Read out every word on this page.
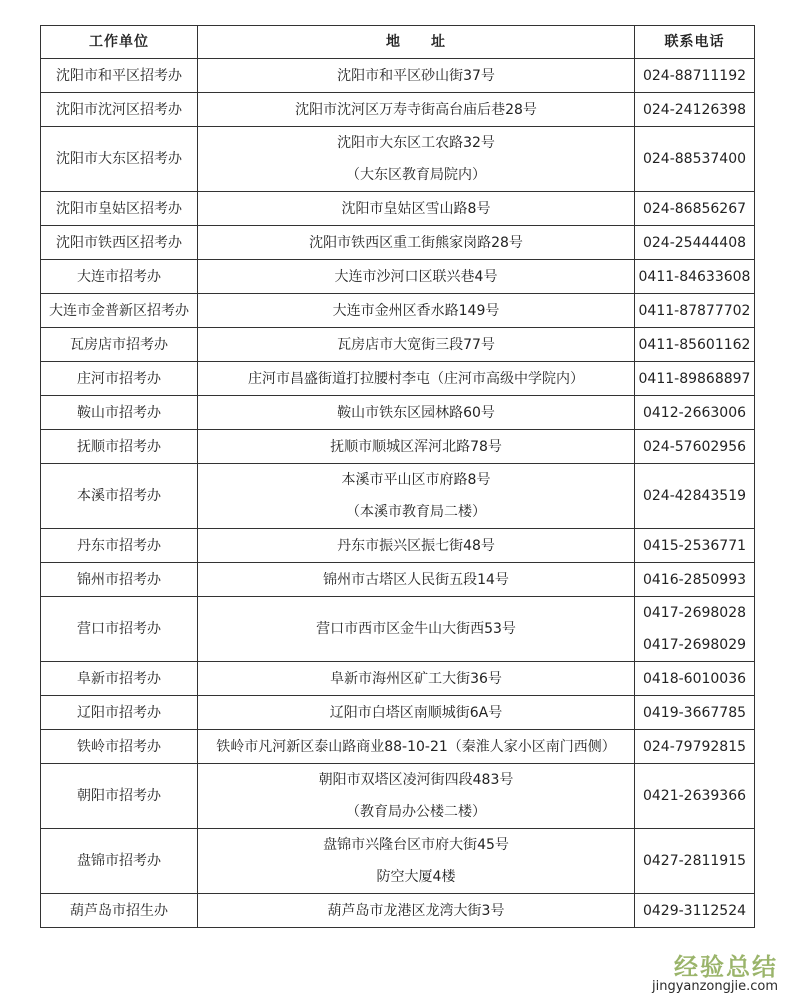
工作单位	地　　址	联系电话
沈阳市和平区招考办	沈阳市和平区砂山街37号	024-88711192

沈阳市沈河区招考办	沈阳市沈河区万寿寺街高台庙后巷28号	024-24126398

沈阳市大东区招考办	沈阳市大东区工农路32号
（大东区教育局院内）	024-88537400

沈阳市皇姑区招考办	沈阳市皇姑区雪山路8号	024-86856267

沈阳市铁西区招考办	沈阳市铁西区重工街熊家岗路28号	024-25444408

大连市招考办	大连市沙河口区联兴巷4号	0411-84633608

大连市金普新区招考办	大连市金州区香水路149号	0411-87877702

瓦房店市招考办	瓦房店市大宽街三段77号	0411-85601162

庄河市招考办	庄河市昌盛街道打拉腰村李屯（庄河市高级中学院内）	0411-89868897

鞍山市招考办	鞍山市铁东区园林路60号	0412-2663006

抚顺市招考办	抚顺市顺城区浑河北路78号	024-57602956

本溪市招考办	本溪市平山区市府路8号
（本溪市教育局二楼）	024-42843519

丹东市招考办	丹东市振兴区振七街48号	0415-2536771

锦州市招考办	锦州市古塔区人民街五段14号	0416-2850993

营口市招考办	营口市西市区金牛山大街西53号	0417-2698028
0417-2698029

阜新市招考办	阜新市海州区矿工大街36号	0418-6010036

辽阳市招考办	辽阳市白塔区南顺城街6A号	0419-3667785

铁岭市招考办	铁岭市凡河新区泰山路商业88-10-21（秦淮人家小区南门西侧）	024-79792815

朝阳市招考办	朝阳市双塔区凌河街四段483号
（教育局办公楼二楼）	0421-2639366

盘锦市招考办	盘锦市兴隆台区市府大街45号
防空大厦4楼	0427-2811915

葫芦岛市招生办	葫芦岛市龙港区龙湾大街3号	0429-3112524
经验总结
jingyanzongjie.com
